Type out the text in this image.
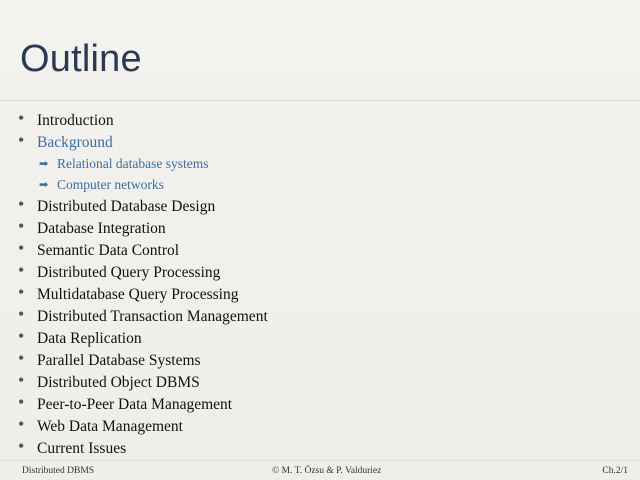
Outline
• Introduction
• Background
➡ Relational database systems
➡ Computer networks
• Distributed Database Design
• Database Integration
• Semantic Data Control
• Distributed Query Processing
• Multidatabase Query Processing
• Distributed Transaction Management
• Data Replication
• Parallel Database Systems
• Distributed Object DBMS
• Peer-to-Peer Data Management
• Web Data Management
• Current Issues
Distributed DBMS	© M. T. Özsu & P. Valduriez	Ch.2/1
